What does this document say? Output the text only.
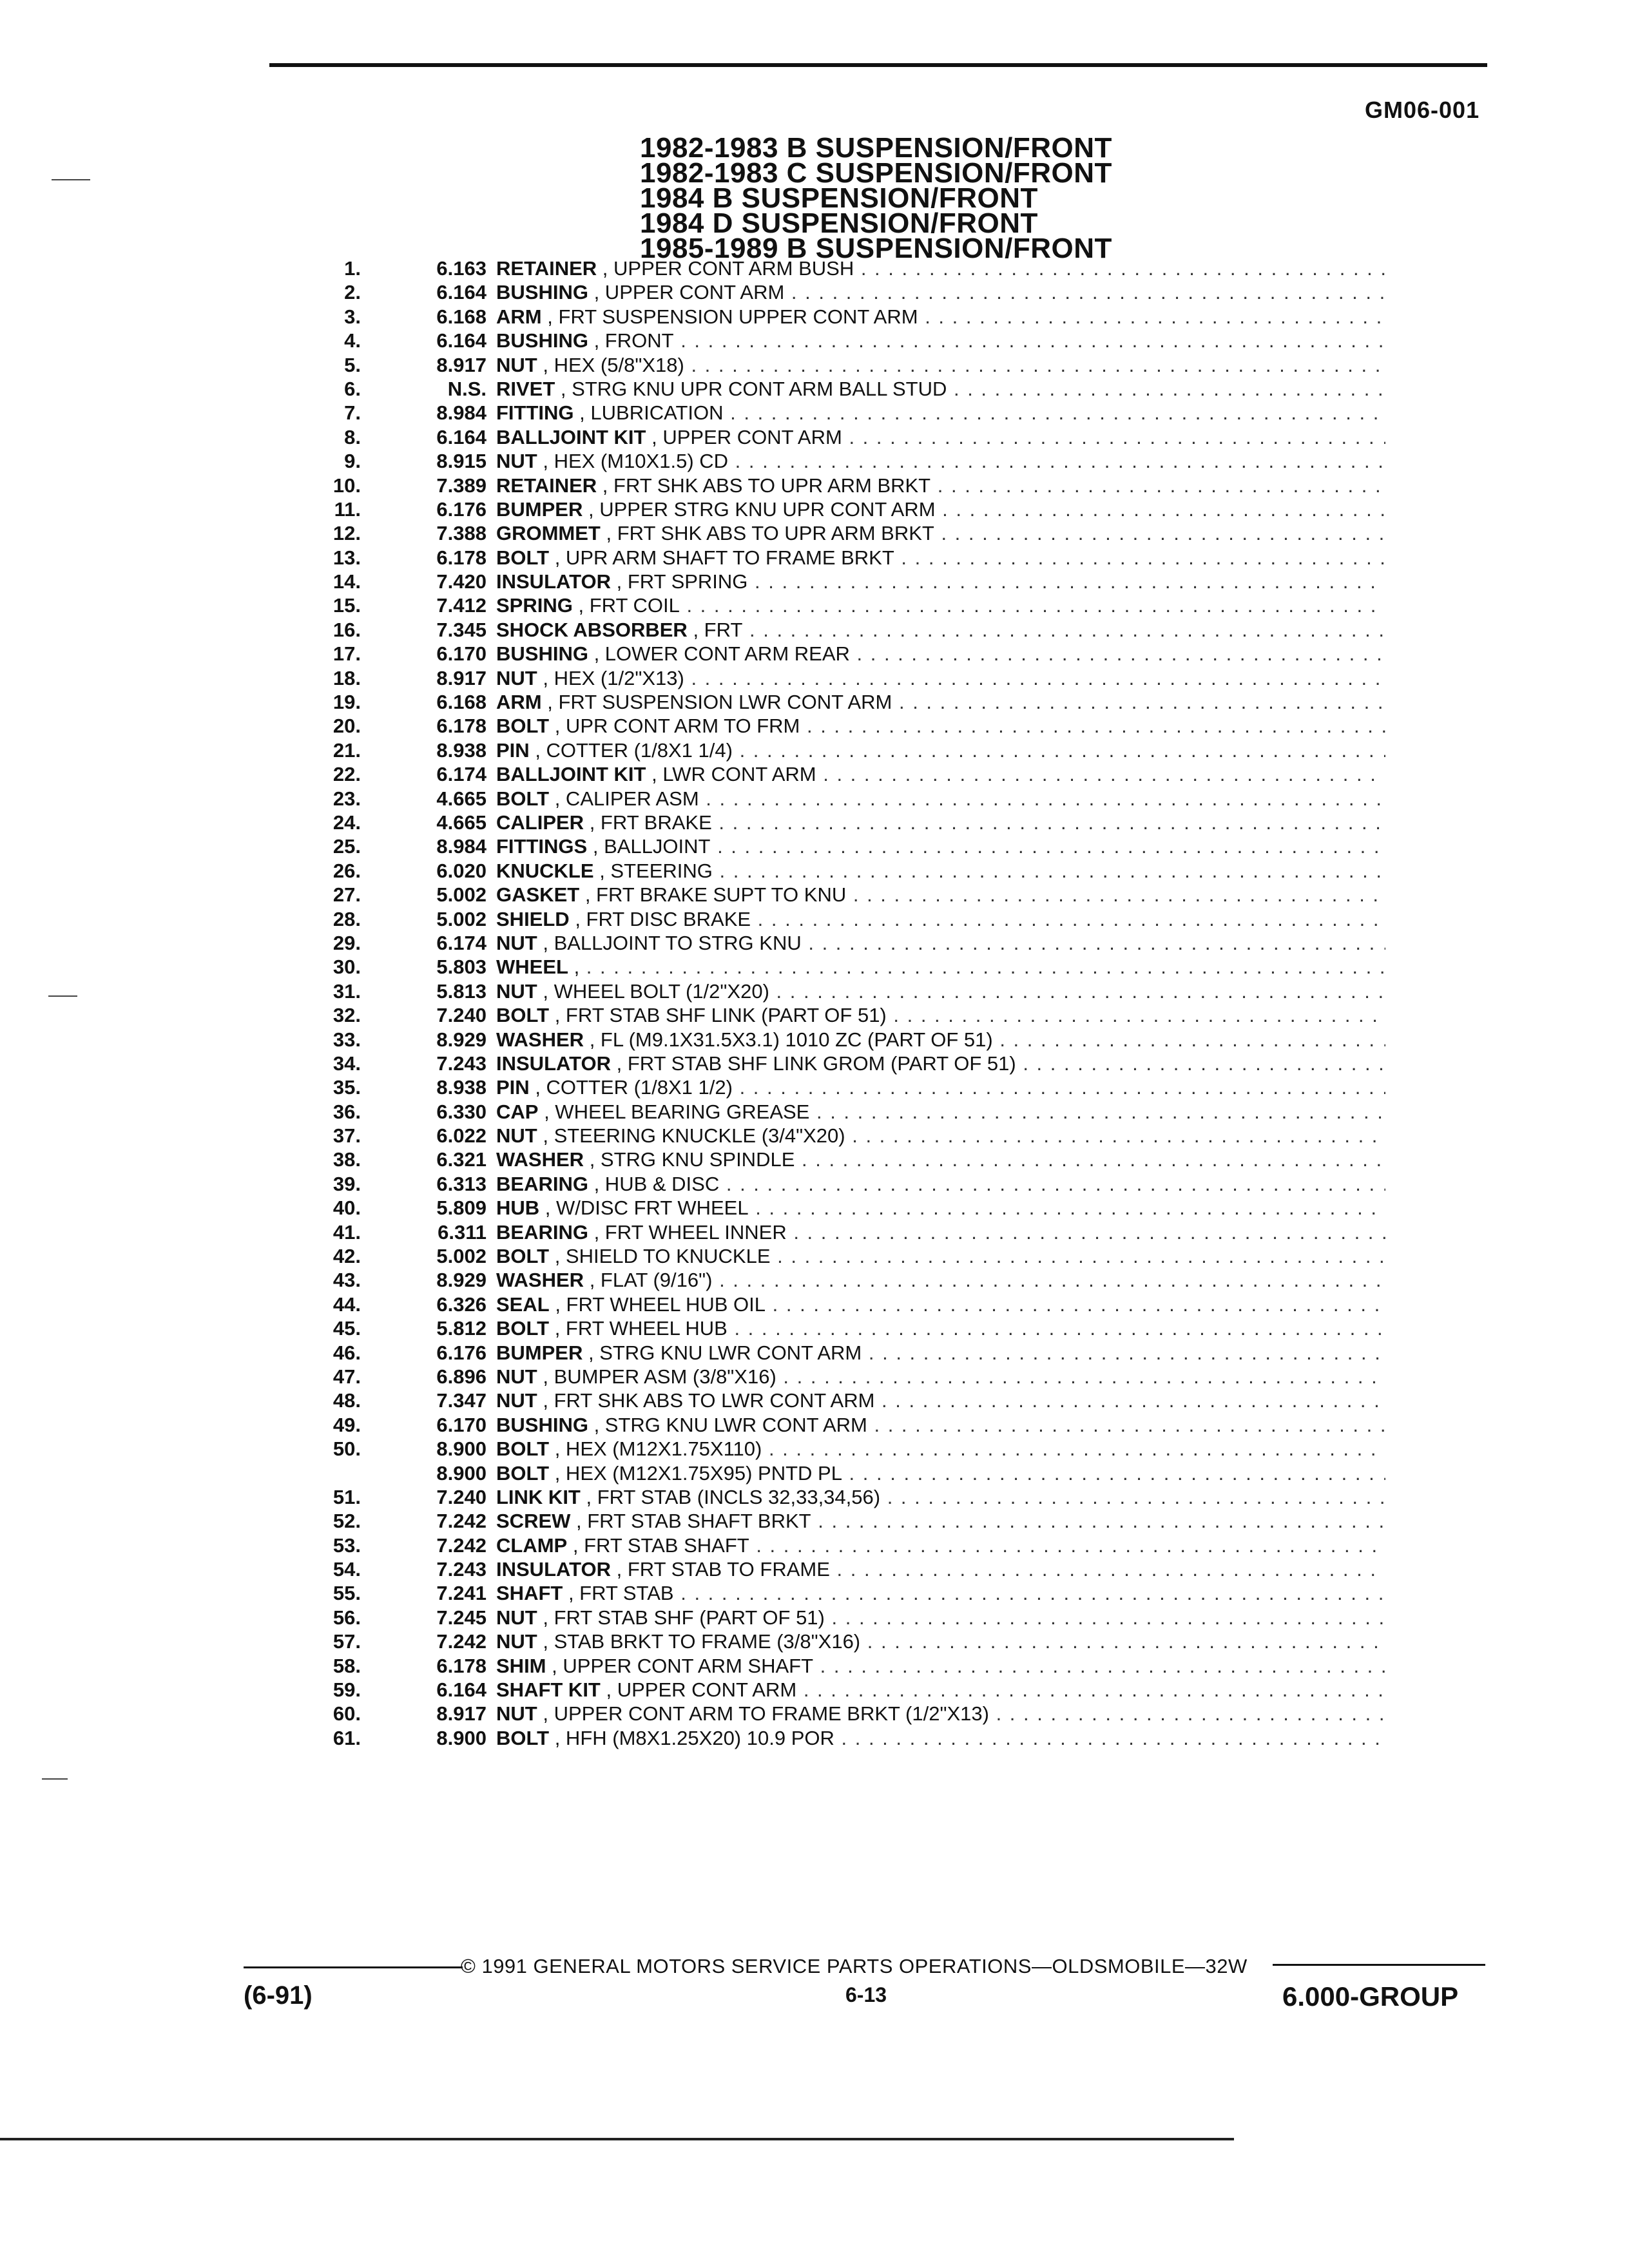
GM06-001
1982-1983 B SUSPENSION/FRONT
1982-1983 C SUSPENSION/FRONT
1984 B SUSPENSION/FRONT
1984 D SUSPENSION/FRONT
1985-1989 B SUSPENSION/FRONT
1.	6.163 RETAINER , UPPER CONT ARM BUSH . . .
2.	6.164 BUSHING , UPPER CONT ARM . . .
3.	6.168 ARM , FRT SUSPENSION UPPER CONT ARM . . .
4.	6.164 BUSHING , FRONT . . .
5.	8.917 NUT , HEX (5/8"X18) . . .
6.	N.S. RIVET , STRG KNU UPR CONT ARM BALL STUD . . .
7.	8.984 FITTING , LUBRICATION . . .
8.	6.164 BALLJOINT KIT , UPPER CONT ARM . . .
9.	8.915 NUT , HEX (M10X1.5) CD . . .
10.	7.389 RETAINER , FRT SHK ABS TO UPR ARM BRKT . . .
11.	6.176 BUMPER , UPPER STRG KNU UPR CONT ARM . . .
12.	7.388 GROMMET , FRT SHK ABS TO UPR ARM BRKT . . .
13.	6.178 BOLT , UPR ARM SHAFT TO FRAME BRKT . . .
14.	7.420 INSULATOR , FRT SPRING . . .
15.	7.412 SPRING , FRT COIL . . .
16.	7.345 SHOCK ABSORBER , FRT . . .
17.	6.170 BUSHING , LOWER CONT ARM REAR . . .
18.	8.917 NUT , HEX (1/2"X13) . . .
19.	6.168 ARM , FRT SUSPENSION LWR CONT ARM . . .
20.	6.178 BOLT , UPR CONT ARM TO FRM . . .
21.	8.938 PIN , COTTER (1/8X1 1/4) . . .
22.	6.174 BALLJOINT KIT , LWR CONT ARM . . .
23.	4.665 BOLT , CALIPER ASM . . .
24.	4.665 CALIPER , FRT BRAKE . . .
25.	8.984 FITTINGS , BALLJOINT . . .
26.	6.020 KNUCKLE , STEERING . . .
27.	5.002 GASKET , FRT BRAKE SUPT TO KNU . . .
28.	5.002 SHIELD , FRT DISC BRAKE . . .
29.	6.174 NUT , BALLJOINT TO STRG KNU . . .
30.	5.803 WHEEL , . . .
31.	5.813 NUT , WHEEL BOLT (1/2"X20) . . .
32.	7.240 BOLT , FRT STAB SHF LINK (PART OF 51) . . .
33.	8.929 WASHER , FL (M9.1X31.5X3.1) 1010 ZC (PART OF 51) . . .
34.	7.243 INSULATOR , FRT STAB SHF LINK GROM (PART OF 51) . . .
35.	8.938 PIN , COTTER (1/8X1 1/2) . . .
36.	6.330 CAP , WHEEL BEARING GREASE . . .
37.	6.022 NUT , STEERING KNUCKLE (3/4"X20) . . .
38.	6.321 WASHER , STRG KNU SPINDLE . . .
39.	6.313 BEARING , HUB & DISC . . .
40.	5.809 HUB , W/DISC FRT WHEEL . . .
41.	6.311 BEARING , FRT WHEEL INNER . . .
42.	5.002 BOLT , SHIELD TO KNUCKLE . . .
43.	8.929 WASHER , FLAT (9/16") . . .
44.	6.326 SEAL , FRT WHEEL HUB OIL . . .
45.	5.812 BOLT , FRT WHEEL HUB . . .
46.	6.176 BUMPER , STRG KNU LWR CONT ARM . . .
47.	6.896 NUT , BUMPER ASM (3/8"X16) . . .
48.	7.347 NUT , FRT SHK ABS TO LWR CONT ARM . . .
49.	6.170 BUSHING , STRG KNU LWR CONT ARM . . .
50.	8.900 BOLT , HEX (M12X1.75X110) . . .
8.900 BOLT , HEX (M12X1.75X95) PNTD PL . . .
51.	7.240 LINK KIT , FRT STAB (INCLS 32,33,34,56) . . .
52.	7.242 SCREW , FRT STAB SHAFT BRKT . . .
53.	7.242 CLAMP , FRT STAB SHAFT . . .
54.	7.243 INSULATOR , FRT STAB TO FRAME . . .
55.	7.241 SHAFT , FRT STAB . . .
56.	7.245 NUT , FRT STAB SHF (PART OF 51) . . .
57.	7.242 NUT , STAB BRKT TO FRAME (3/8"X16) . . .
58.	6.178 SHIM , UPPER CONT ARM SHAFT . . .
59.	6.164 SHAFT KIT , UPPER CONT ARM . . .
60.	8.917 NUT , UPPER CONT ARM TO FRAME BRKT (1/2"X13) . . .
61.	8.900 BOLT , HFH (M8X1.25X20) 10.9 POR . . .
(6-91)
© 1991 GENERAL MOTORS SERVICE PARTS OPERATIONS—OLDSMOBILE—32W
6-13	6.000-GROUP
